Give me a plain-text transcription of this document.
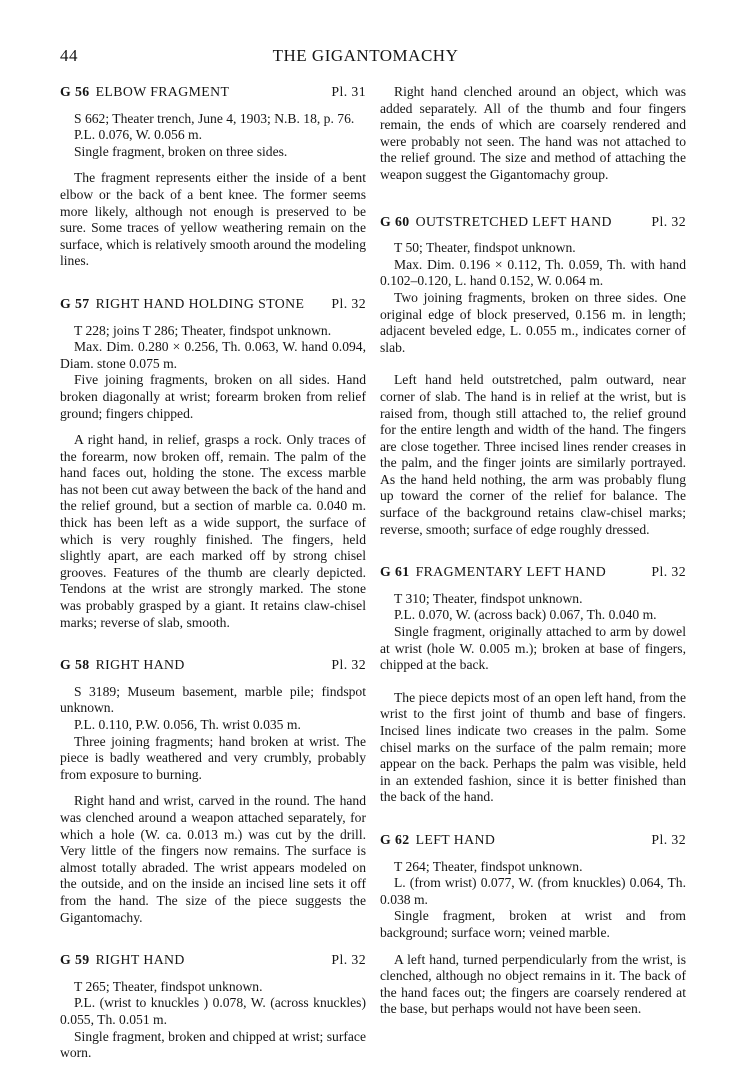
44	THE GIGANTOMACHY
G 56 ELBOW FRAGMENT	Pl. 31

S 662; Theater trench, June 4, 1903; N.B. 18, p. 76.

P.L. 0.076, W. 0.056 m.

Single fragment, broken on three sides.

The fragment represents either the inside of a bent elbow or the back of a bent knee. The former seems more likely, although not enough is preserved to be sure. Some traces of yellow weathering remain on the surface, which is relatively smooth around the modeling lines.

G 57 RIGHT HAND HOLDING STONE Pl. 32

T 228; joins T 286; Theater, findspot unknown.

Max. Dim. 0.280 × 0.256, Th. 0.063, W. hand 0.094, Diam. stone 0.075 m.

Five joining fragments, broken on all sides. Hand broken diagonally at wrist; forearm broken from relief ground; fingers chipped.

A right hand, in relief, grasps a rock. Only traces of the forearm, now broken off, remain. The palm of the hand faces out, holding the stone. The excess marble has not been cut away between the back of the hand and the relief ground, but a section of marble ca. 0.040 m. thick has been left as a wide support, the surface of which is very roughly finished. The fingers, held slightly apart, are each marked off by strong chisel grooves. Features of the thumb are clearly depicted. Tendons at the wrist are strongly marked. The stone was probably grasped by a giant. It retains claw-chisel marks; reverse of slab, smooth.

G 58 RIGHT HAND	Pl. 32

S 3189; Museum basement, marble pile; findspot unknown.

P.L. 0.110, P.W. 0.056, Th. wrist 0.035 m.

Three joining fragments; hand broken at wrist. The piece is badly weathered and very crumbly, probably from exposure to burning.

Right hand and wrist, carved in the round. The hand was clenched around a weapon attached separately, for which a hole (W. ca. 0.013 m.) was cut by the drill. Very little of the fingers now remains. The surface is almost totally abraded. The wrist appears modeled on the outside, and on the inside an incised line sets it off from the hand. The size of the piece suggests the Gigantomachy.

G 59 RIGHT HAND	Pl. 32

T 265; Theater, findspot unknown.

P.L. (wrist to knuckles ) 0.078, W. (across knuckles) 0.055, Th. 0.051 m.

Single fragment, broken and chipped at wrist; surface worn.

Right hand clenched around an object, which was added separately. All of the thumb and four fingers remain, the ends of which are coarsely rendered and were probably not seen. The hand was not attached to the relief ground. The size and method of attaching the weapon suggest the Gigantomachy group.

G 60 OUTSTRETCHED LEFT HAND	Pl. 32

T 50; Theater, findspot unknown.

Max. Dim. 0.196 × 0.112, Th. 0.059, Th. with hand 0.102–0.120, L. hand 0.152, W. 0.064 m.

Two joining fragments, broken on three sides. One original edge of block preserved, 0.156 m. in length; adjacent beveled edge, L. 0.055 m., indicates corner of slab.

Left hand held outstretched, palm outward, near corner of slab. The hand is in relief at the wrist, but is raised from, though still attached to, the relief ground for the entire length and width of the hand. The fingers are close together. Three incised lines render creases in the palm, and the finger joints are similarly portrayed. As the hand held nothing, the arm was probably flung up toward the corner of the relief for balance. The surface of the background retains claw-chisel marks; reverse, smooth; surface of edge roughly dressed.

G 61 FRAGMENTARY LEFT HAND	Pl. 32

T 310; Theater, findspot unknown.

P.L. 0.070, W. (across back) 0.067, Th. 0.040 m.

Single fragment, originally attached to arm by dowel at wrist (hole W. 0.005 m.); broken at base of fingers, chipped at the back.

The piece depicts most of an open left hand, from the wrist to the first joint of thumb and base of fingers. Incised lines indicate two creases in the palm. Some chisel marks on the surface of the palm remain; more appear on the back. Perhaps the palm was visible, held in an extended fashion, since it is better finished than the back of the hand.

G 62 LEFT HAND	Pl. 32

T 264; Theater, findspot unknown.

L. (from wrist) 0.077, W. (from knuckles) 0.064, Th. 0.038 m.

Single fragment, broken at wrist and from background; surface worn; veined marble.

A left hand, turned perpendicularly from the wrist, is clenched, although no object remains in it. The back of the hand faces out; the fingers are coarsely rendered at the base, but perhaps would not have been seen.
